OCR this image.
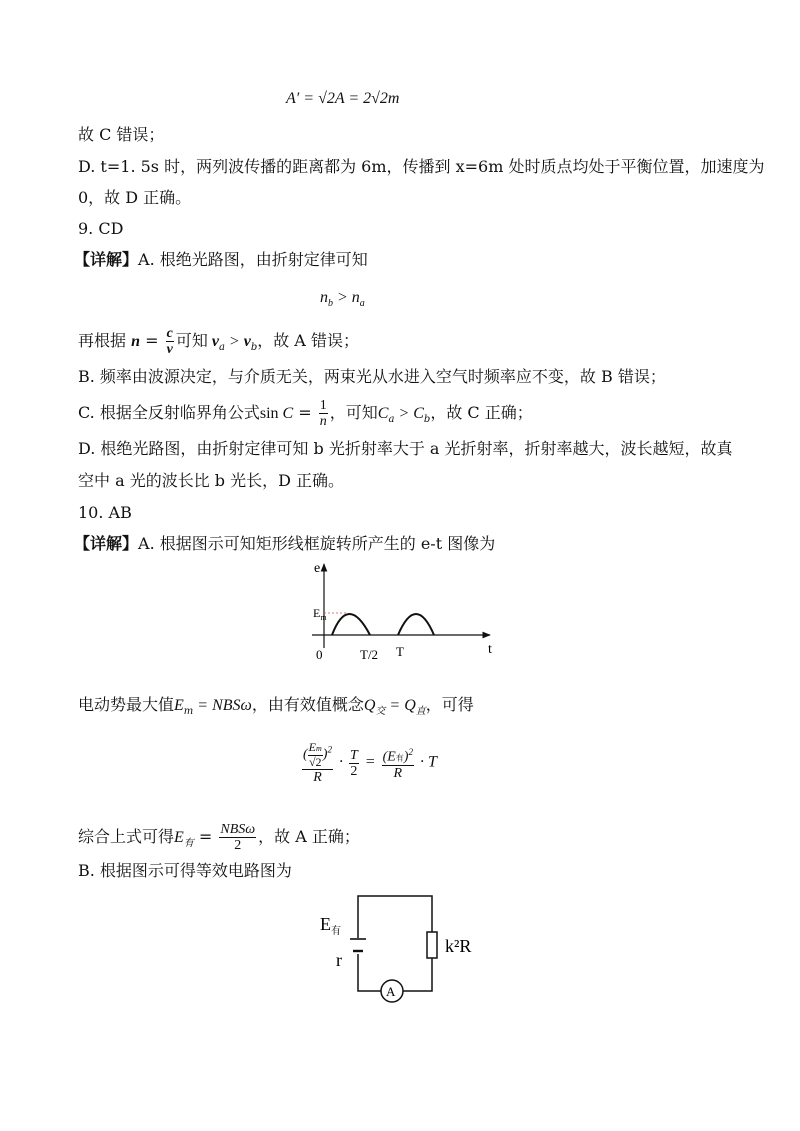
A′ = √2A = 2√2m
故 C 错误；
D. t=1. 5s 时，两列波传播的距离都为 6m，传播到 x=6m 处时质点均处于平衡位置，加速度为
0，故 D 正确。
9. CD
【详解】A. 根绝光路图，由折射定律可知
$n_b > n_a$
再根据 $n = \frac{c}{v}$ 可知 $v_a > v_b$，故 A 错误；
B. 频率由波源决定，与介质无关，两束光从水进入空气时频率应不变，故 B 错误；
C. 根据全反射临界角公式$\sin C = \frac{1}{n}$ ，可知$C_a > C_b$，故 C 正确；
D. 根绝光路图，由折射定律可知 b 光折射率大于 a 光折射率，折射率越大，波长越短，故真
空中 a 光的波长比 b 光长，D 正确。
10. AB
【详解】A. 根据图示可知矩形线框旋转所产生的 e-t 图像为
e
t
0
$E_m$
T/2 T
电动势最大值$E_m = NBS\omega$，由有效值概念$Q_交 = Q_直$，可得
$\frac{( \frac{Em}{√2} )^2}{R} \cdot \frac{T}{2} = \frac{(E有)^2}{R} \cdot T$
综合上式可得$E_有 = \frac{\text{NBSω}}{2}$ ，故 A 正确；
B. 根据图示可得等效电路图为
A
$E_有$
r
k²R
